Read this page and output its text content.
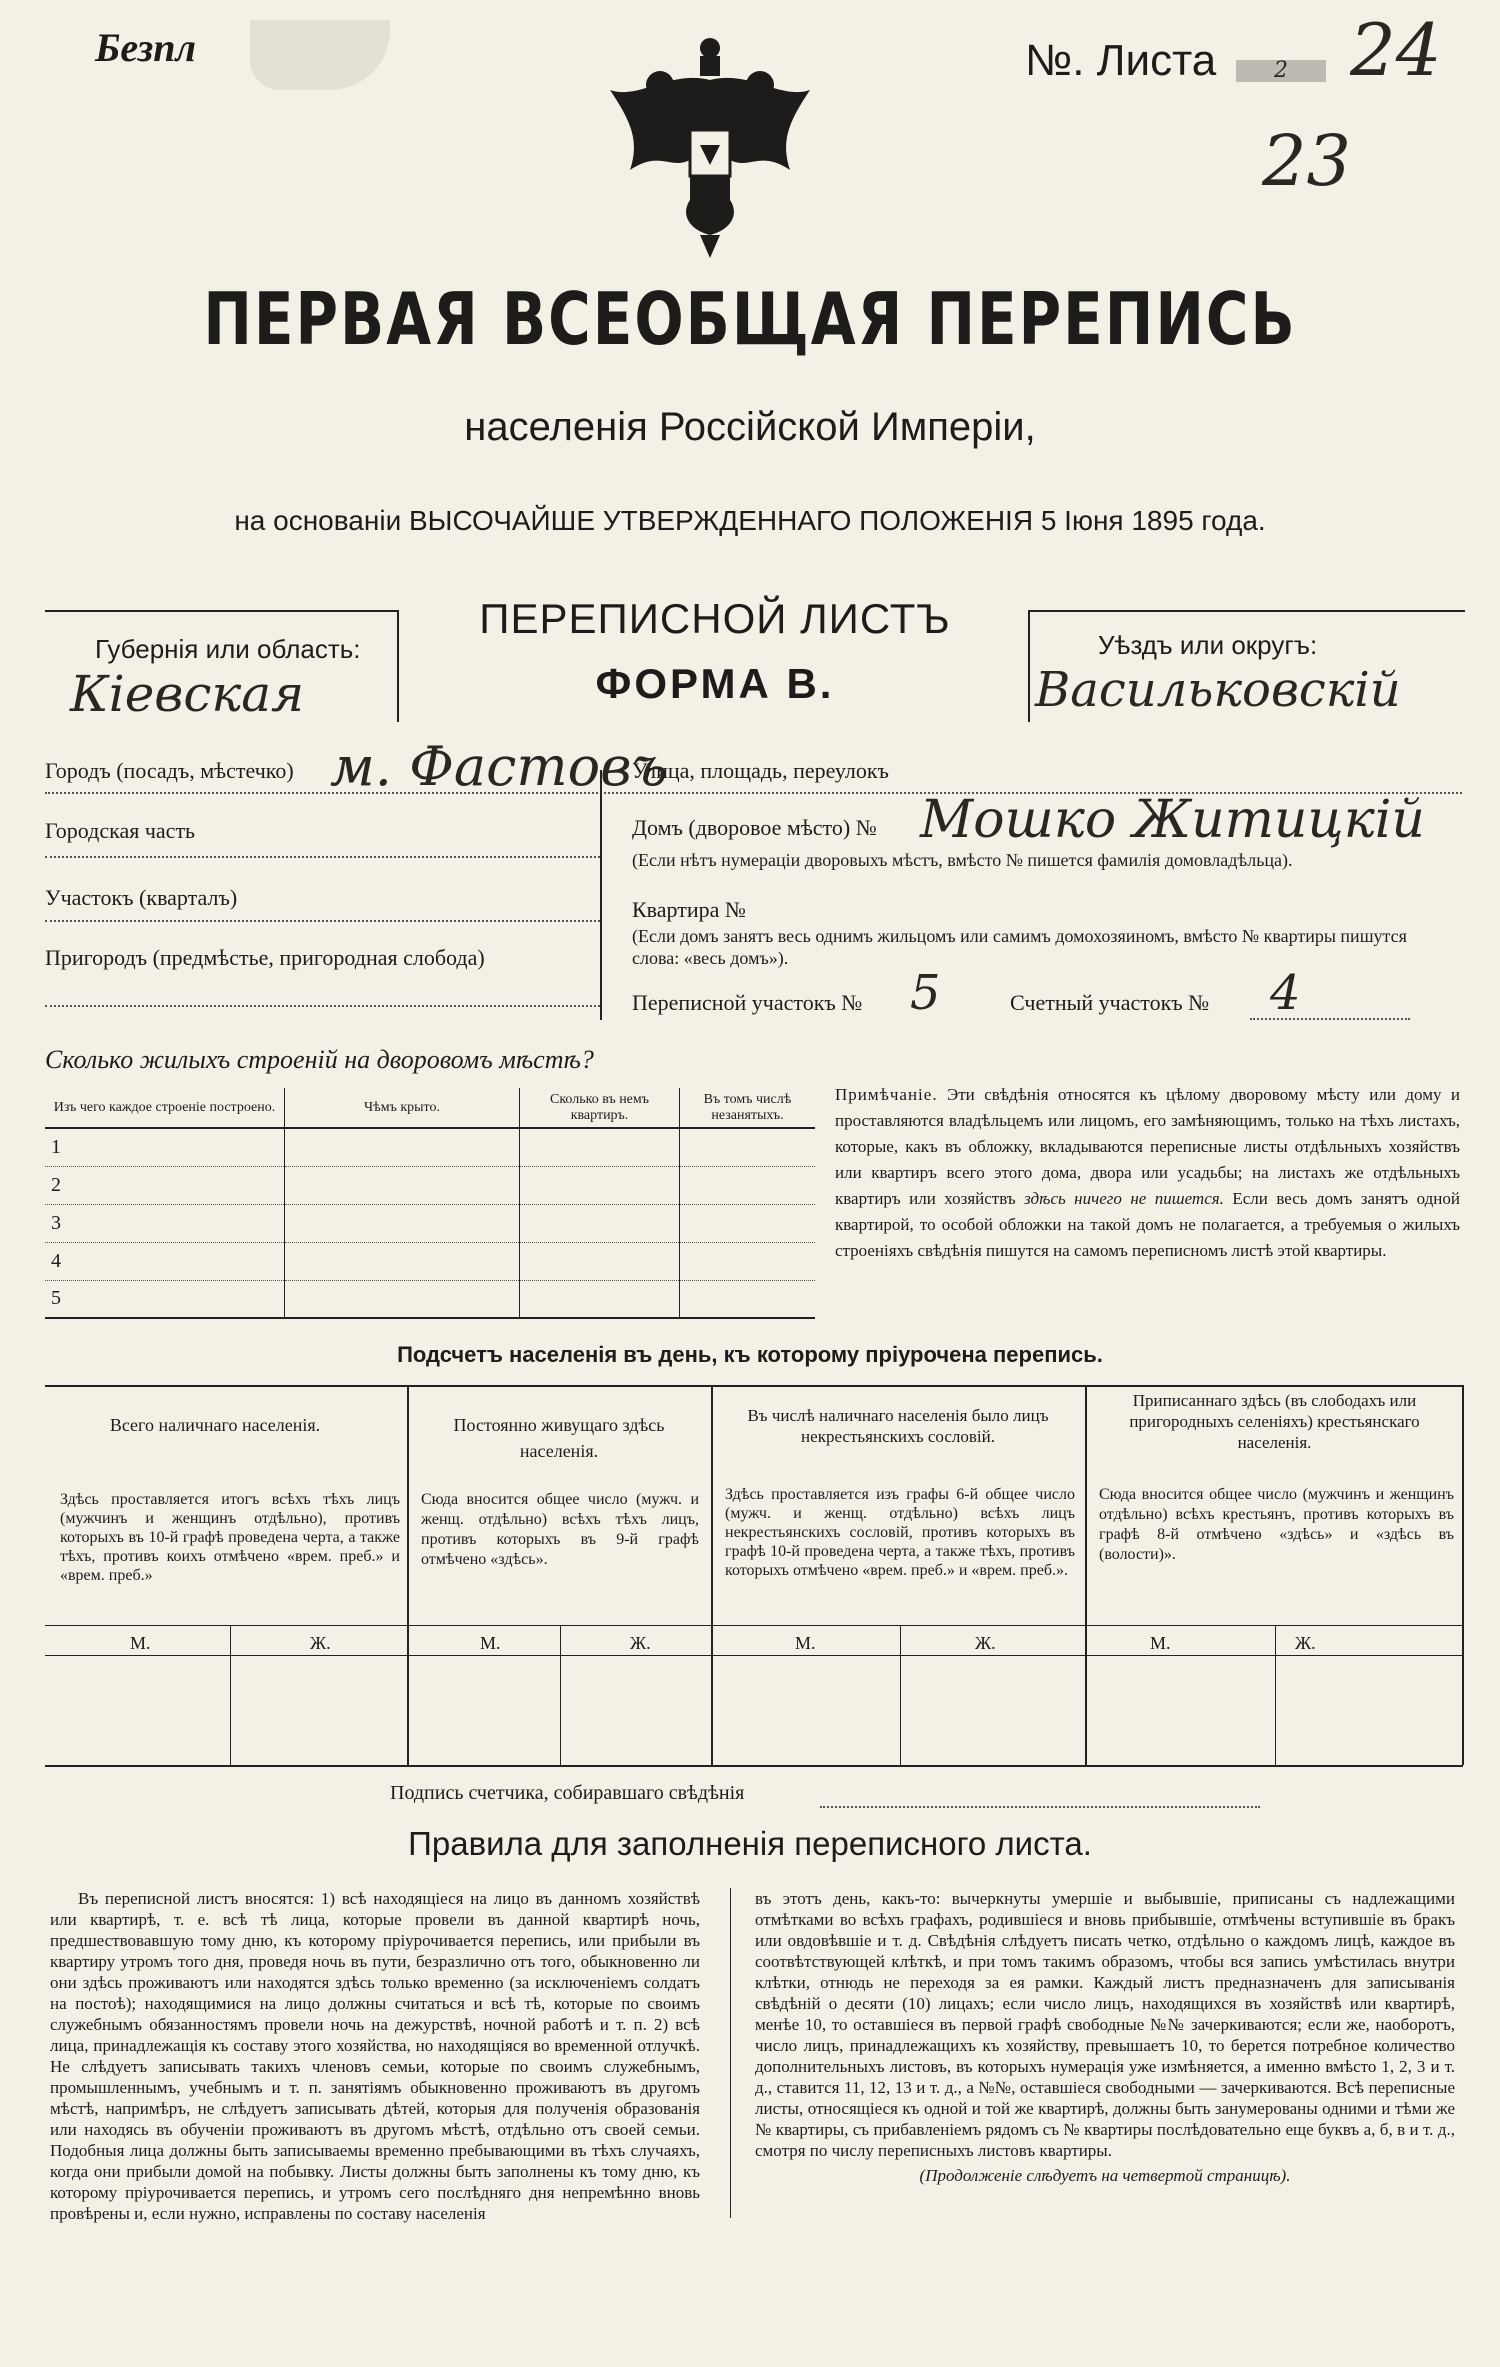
Безпл	№. Листа	2 24
23
ПЕРВАЯ ВСЕОБЩАЯ ПЕРЕПИСЬ
населенія Россійской Имперіи,
на основаніи ВЫСОЧАЙШЕ УТВЕРЖДЕННАГО ПОЛОЖЕНІЯ 5 Іюня 1895 года.
Губернія или область:
Кіевская
ПЕРЕПИСНОЙ ЛИСТЪ
ФОРМА В.
Уѣздъ или округъ:
Васильковскій
Городъ (посадъ, мѣстечко) м. Фастовъ
Городская часть
Участокъ (кварталъ)
Пригородъ (предмѣстье, пригородная слобода)
Улица, площадь, переулокъ
Домъ (дворовое мѣсто) № Мошко Житицкій
(Если нѣтъ нумераціи дворовыхъ мѣстъ, вмѣсто № пишется фамилія домовладѣльца).
Квартира №
(Если домъ занятъ весь однимъ жильцомъ или самимъ домохозяиномъ, вмѣсто № квартиры пишутся слова: «весь домъ»).
Переписной участокъ № 5	Счетный участокъ № 4
Сколько жилыхъ строеній на дворовомъ мѣстѣ?
Изъ чего каждое строеніе построено.	Чѣмъ крыто.	Сколько въ немъ квартиръ.	Въ томъ числѣ незанятыхъ.
1			
2			
3			
4			
5			

Примѣчаніе. Эти свѣдѣнія относятся къ цѣлому дворовому мѣсту или дому и проставляются владѣльцемъ или лицомъ, его замѣняющимъ, только на тѣхъ листахъ, которые, какъ въ обложку, вкладываются переписные листы отдѣльныхъ хозяйствъ или квартиръ всего этого дома, двора или усадьбы; на листахъ же отдѣльныхъ квартиръ или хозяйствъ здѣсь ничего не пишется. Если весь домъ занятъ одной квартирой, то особой обложки на такой домъ не полагается, а требуемыя о жилыхъ строеніяхъ свѣдѣнія пишутся на самомъ переписномъ листѣ этой квартиры.

Подсчетъ населенія въ день, къ которому пріурочена перепись.
Всего наличнаго населенія.
Здѣсь проставляется итогъ всѣхъ тѣхъ лицъ (мужчинъ и женщинъ отдѣльно), противъ которыхъ въ 10-й графѣ проведена черта, а также тѣхъ, противъ коихъ отмѣчено «врем. преб.» и «врем. преб.»
Постоянно живущаго здѣсь населенія.
Сюда вносится общее число (мужч. и женщ. отдѣльно) всѣхъ тѣхъ лицъ, противъ которыхъ въ 9-й графѣ отмѣчено «здѣсь».
Въ числѣ наличнаго населенія было лицъ некрестьянскихъ сословій.
Здѣсь проставляется изъ графы 6-й общее число (мужч. и женщ. отдѣльно) всѣхъ лицъ некрестьянскихъ сословій, противъ которыхъ въ графѣ 10-й проведена черта, а также тѣхъ, противъ которыхъ отмѣчено «врем. преб.» и «врем. преб.».
Приписаннаго здѣсь (въ слободахъ или пригородныхъ селеніяхъ) крестьянскаго населенія.
Сюда вносится общее число (мужчинъ и женщинъ отдѣльно) всѣхъ крестьянъ, противъ которыхъ въ графѣ 8-й отмѣчено «здѣсь» и «здѣсь въ (волости)».
М.	Ж.	М.	Ж.	М.	Ж.	М.	Ж.
Подпись счетчика, собиравшаго свѣдѣнія
Правила для заполненія переписного листа.

Въ переписной листъ вносятся: 1) всѣ находящіеся на лицо въ данномъ хозяйствѣ или квартирѣ, т. е. всѣ тѣ лица, которые провели въ данной квартирѣ ночь, предшествовавшую тому дню, къ которому пріурочивается перепись, или прибыли въ квартиру утромъ того дня, проведя ночь въ пути, безразлично отъ того, обыкновенно ли они здѣсь проживаютъ или находятся здѣсь только временно (за исключеніемъ солдатъ на постоѣ); находящимися на лицо должны считаться и всѣ тѣ, которые по своимъ служебнымъ обязанностямъ провели ночь на дежурствѣ, ночной работѣ и т. п. 2) всѣ лица, принадлежащія къ составу этого хозяйства, но находящіяся во временной отлучкѣ. Не слѣдуетъ записывать такихъ членовъ семьи, которые по своимъ служебнымъ, промышленнымъ, учебнымъ и т. п. занятіямъ обыкновенно проживаютъ въ другомъ мѣстѣ, напримѣръ, не слѣдуетъ записывать дѣтей, которыя для полученія образованія или находясь въ обученіи проживаютъ въ другомъ мѣстѣ, отдѣльно отъ своей семьи. Подобныя лица должны быть записываемы временно пребывающими въ тѣхъ случаяхъ, когда они прибыли домой на побывку. Листы должны быть заполнены къ тому дню, къ которому пріурочивается перепись, и утромъ сего послѣдняго дня непремѣнно вновь провѣрены и, если нужно, исправлены по составу населенія

въ этотъ день, какъ-то: вычеркнуты умершіе и выбывшіе, приписаны съ надлежащими отмѣтками во всѣхъ графахъ, родившіеся и вновь прибывшіе, отмѣчены вступившіе въ бракъ или овдовѣвшіе и т. д. Свѣдѣнія слѣдуетъ писать четко, отдѣльно о каждомъ лицѣ, каждое въ соотвѣтствующей клѣткѣ, и при томъ такимъ образомъ, чтобы вся запись умѣстилась внутри клѣтки, отнюдь не переходя за ея рамки. Каждый листъ предназначенъ для записыванія свѣдѣній о десяти (10) лицахъ; если число лицъ, находящихся въ хозяйствѣ или квартирѣ, менѣе 10, то оставшіеся въ первой графѣ свободные №№ зачеркиваются; если же, наоборотъ, число лицъ, принадлежащихъ къ хозяйству, превышаетъ 10, то берется потребное количество дополнительныхъ листовъ, въ которыхъ нумерація уже измѣняется, а именно вмѣсто 1, 2, 3 и т. д., ставится 11, 12, 13 и т. д., а №№, оставшіеся свободными — зачеркиваются. Всѣ переписные листы, относящіеся къ одной и той же квартирѣ, должны быть занумерованы одними и тѣми же № квартиры, съ прибавленіемъ рядомъ съ № квартиры послѣдовательно еще буквъ а, б, в и т. д., смотря по числу переписныхъ листовъ квартиры.

(Продолженіе слѣдуетъ на четвертой страницѣ).
